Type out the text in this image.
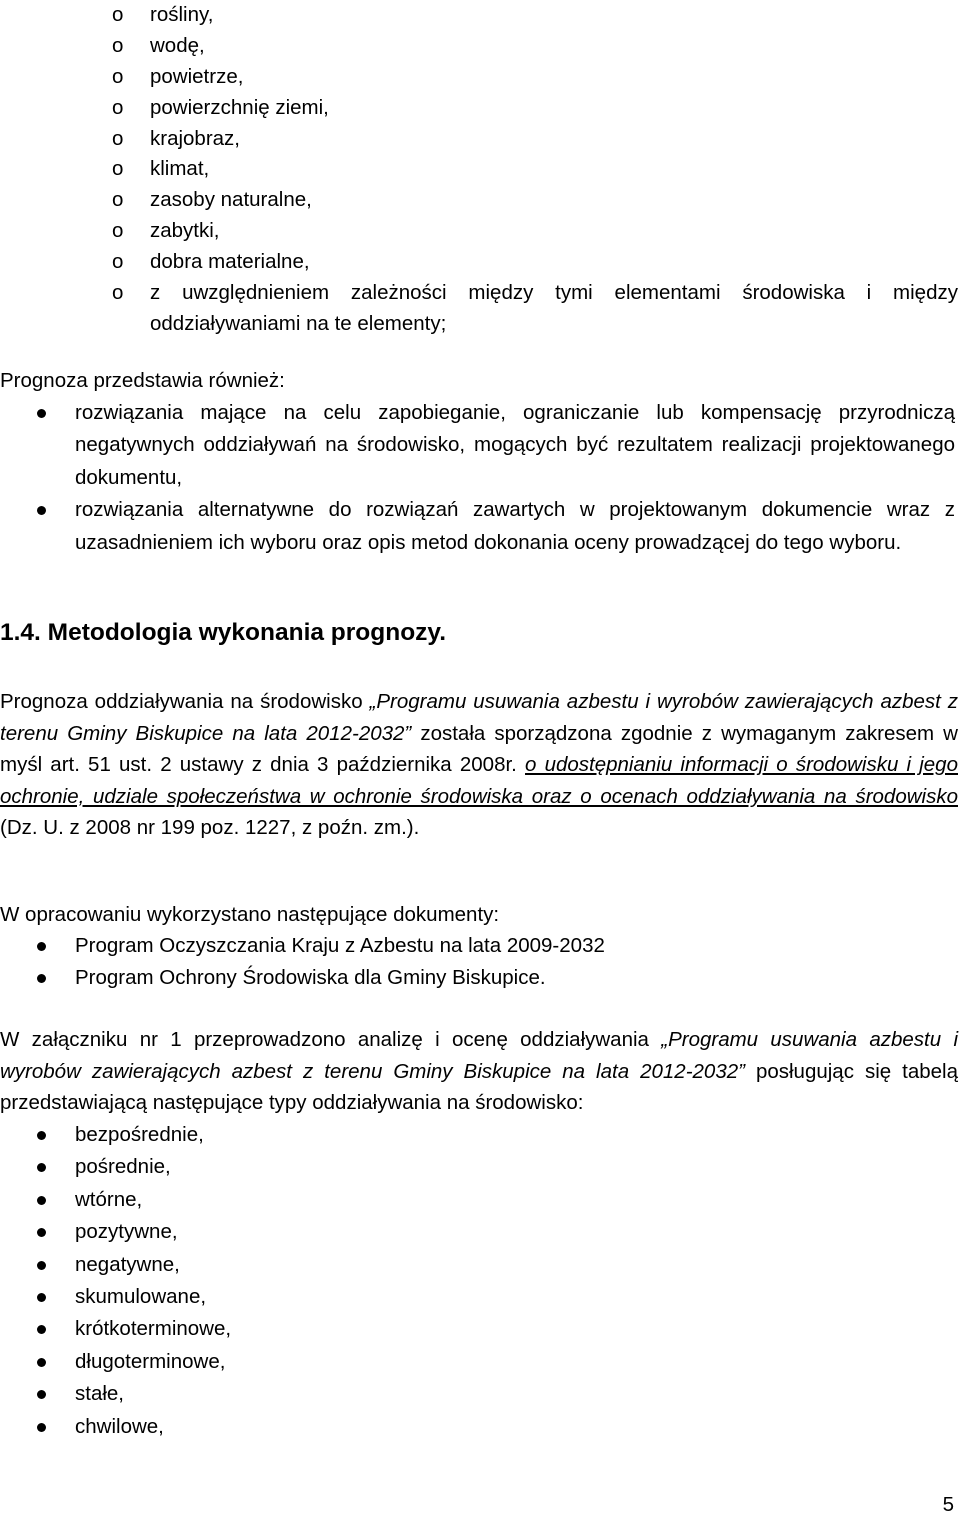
o rośliny,
o wodę,
o powietrze,
o powierzchnię ziemi,
o krajobraz,
o klimat,
o zasoby naturalne,
o zabytki,
o dobra materialne,
o z uwzględnieniem zależności między tymi elementami środowiska i między oddziaływaniami na te elementy;
Prognoza przedstawia również:
rozwiązania mające na celu zapobieganie, ograniczanie lub kompensację przyrodniczą negatywnych oddziaływań na środowisko, mogących być rezultatem realizacji projektowanego dokumentu,
rozwiązania alternatywne do rozwiązań zawartych w projektowanym dokumencie wraz z uzasadnieniem ich wyboru oraz opis metod dokonania oceny prowadzącej do tego wyboru.
1.4. Metodologia wykonania prognozy.
Prognoza oddziaływania na środowisko „Programu usuwania azbestu i wyrobów zawierających azbest z terenu Gminy Biskupice na lata 2012-2032” została sporządzona zgodnie z wymaganym zakresem w myśl art. 51 ust. 2 ustawy z dnia 3 października 2008r. o udostępnianiu informacji o środowisku i jego ochronie, udziale społeczeństwa w ochronie środowiska oraz o ocenach oddziaływania na środowisko (Dz. U. z 2008 nr 199 poz. 1227, z poźn. zm.).
W opracowaniu wykorzystano następujące dokumenty:
Program Oczyszczania Kraju z Azbestu na lata 2009-2032
Program Ochrony Środowiska dla Gminy Biskupice.
W załączniku nr 1 przeprowadzono analizę i ocenę oddziaływania „Programu usuwania azbestu i wyrobów zawierających azbest z terenu Gminy Biskupice na lata 2012-2032” posługując się tabelą przedstawiającą następujące typy oddziaływania na środowisko:
bezpośrednie,
pośrednie,
wtórne,
pozytywne,
negatywne,
skumulowane,
krótkoterminowe,
długoterminowe,
stałe,
chwilowe,
5
